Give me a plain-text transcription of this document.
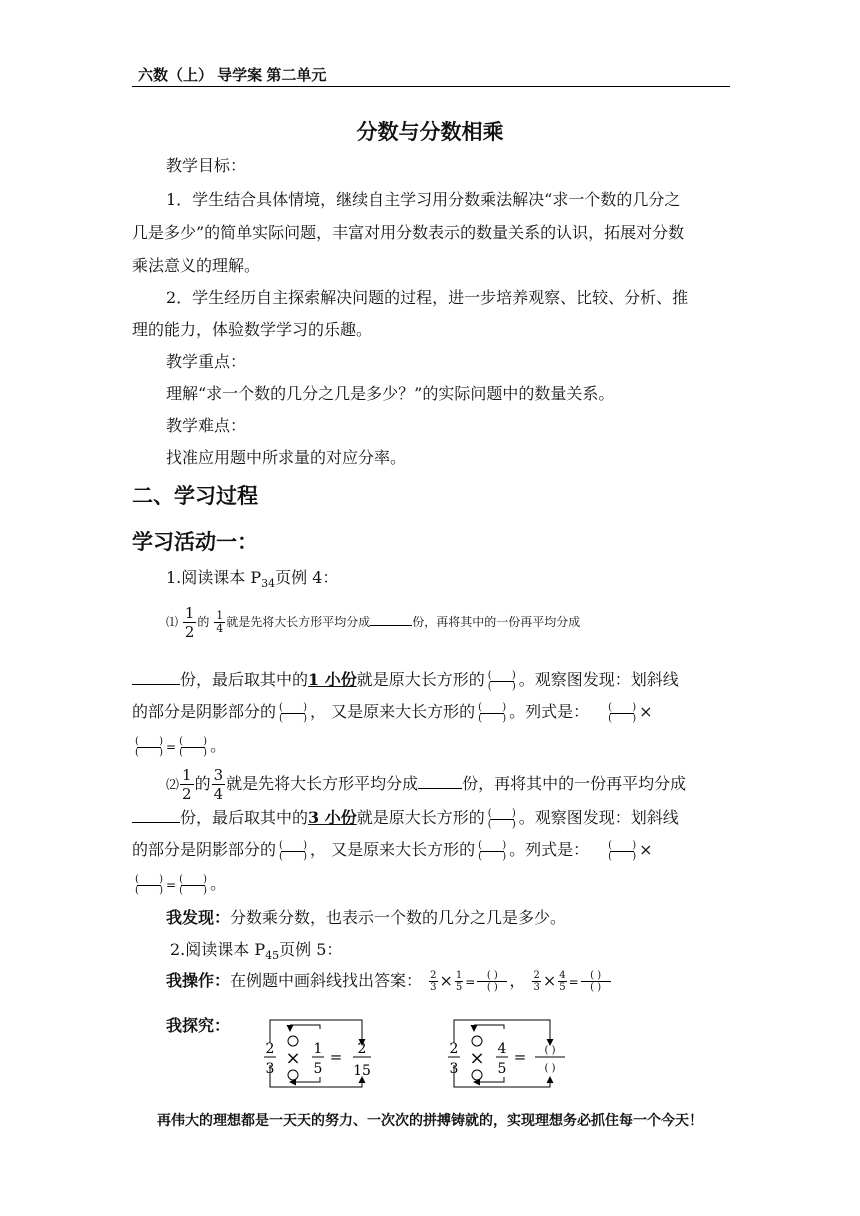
六数（上） 导学案 第二单元
分数与分数相乘
教学目标：
1．学生结合具体情境，继续自主学习用分数乘法解决“求一个数的几分之
几是多少”的简单实际问题，丰富对用分数表示的数量关系的认识，拓展对分数
乘法意义的理解。
2．学生经历自主探索解决问题的过程，进一步培养观察、比较、分析、推
理的能力，体验数学学习的乐趣。
教学重点：
理解“求一个数的几分之几是多少？”的实际问题中的数量关系。
教学难点：
找准应用题中所求量的对应分率。
二、学习过程
学习活动一：
1.阅读课本 $P_{34}$页例 4：
⑴ $\frac{1}{2}$ 的 $\frac{1}{4}$ 就是先将大长方形平均分成	份，再将其中的一份再平均分成
份，最后取其中的1 小份就是原大长方形的 ( )
( ) 。观察图发现：划斜线
的部分是阴影部分的 ( )
( ) ， 又是原来大长方形的 ( )
( ) 。列式是： ( )
( ) ×
( )
( ) = ( )
( ) 。
⑵ $\frac{1}{2}$ 的 $\frac{3}{4}$ 就是先将大长方形平均分成	份，再将其中的一份再平均分成
份，最后取其中的3 小份就是原大长方形的 ( )
( ) 。观察图发现：划斜线
的部分是阴影部分的 ( )
( ) ， 又是原来大长方形的 ( )
( ) 。列式是： ( )
( ) ×
( )
( ) = ( )
( ) 。
我发现：分数乘分数，也表示一个数的几分之几是多少。
2.阅读课本 $P_{45}$页例 5：
我操作：在例题中画斜线找出答案： $\frac{2}{3} \times \frac{1}{5}$ =	( )
( ) ， $\frac{2}{3} \times \frac{4}{5}$ =	( )
( )
我探究：
2
3 × 1
5
= 2
15
2
3 × 4
5
= ( )
( )
再伟大的理想都是一天天的努力、一次次的拼搏铸就的，实现理想务必抓住每一个今天！
